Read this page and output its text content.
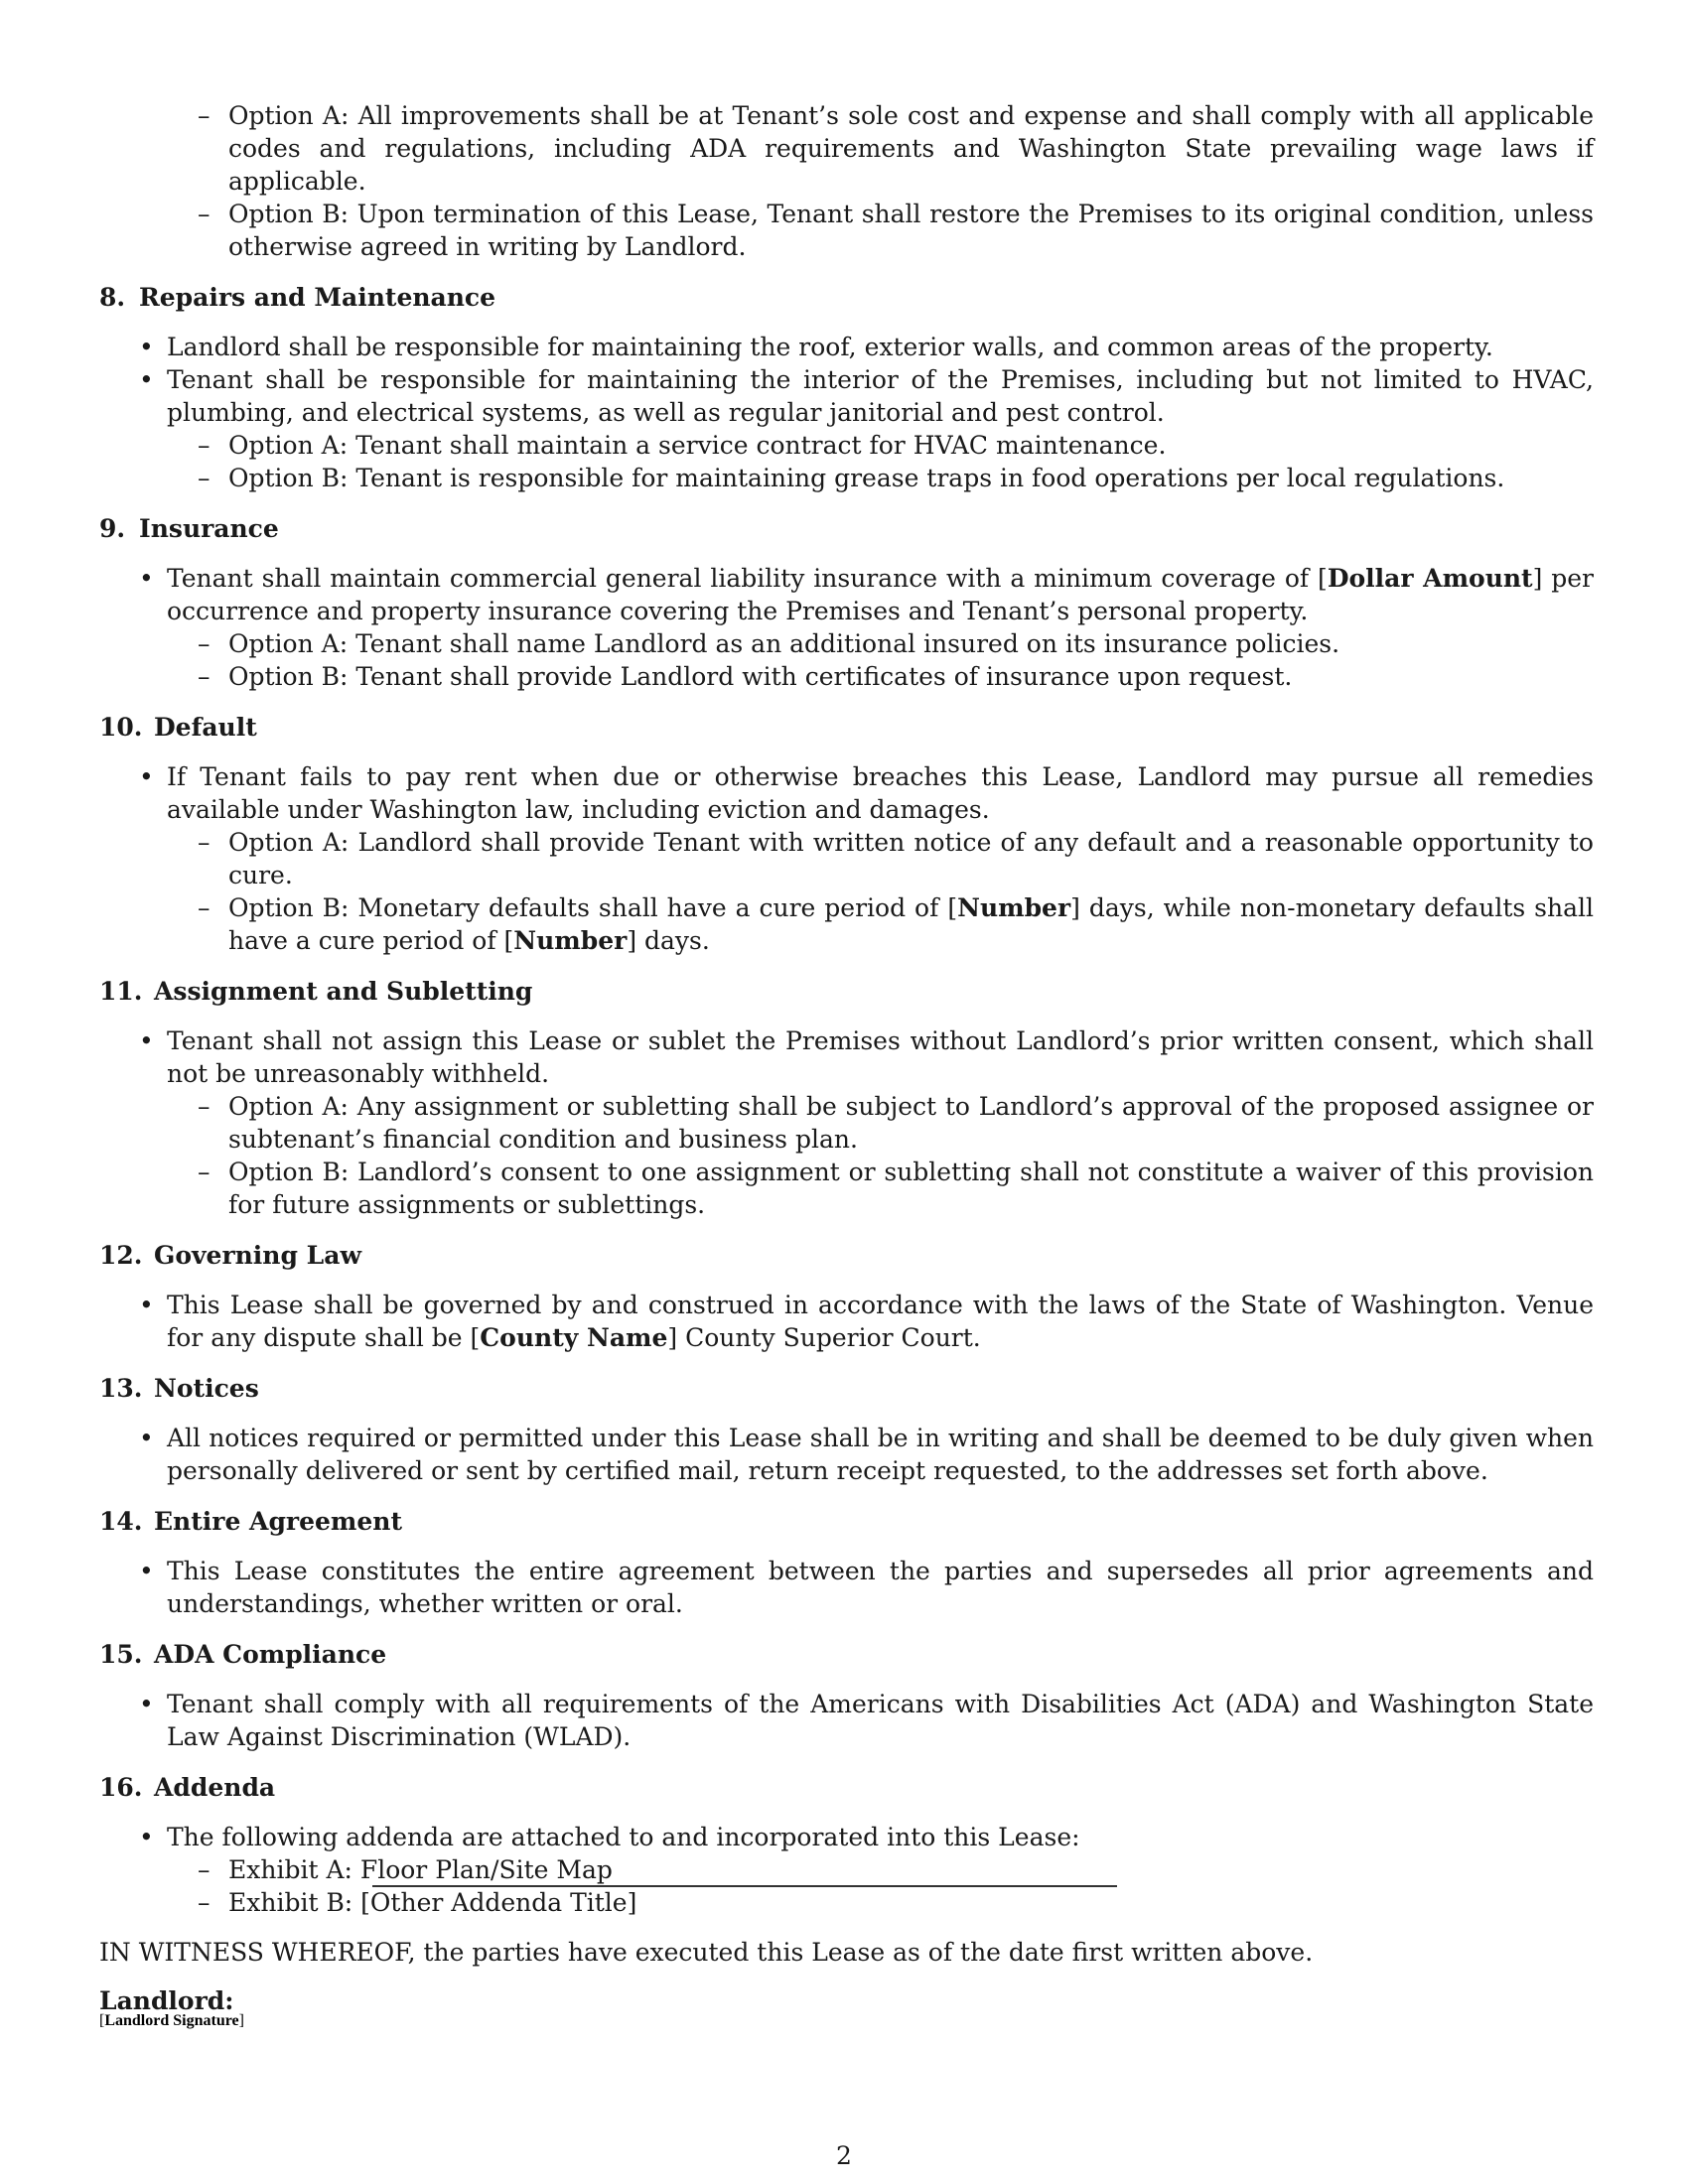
– Option A: All improvements shall be at Tenant’s sole cost and expense and shall comply with all applicable codes and regulations, including ADA requirements and Washington State prevailing wage laws if applicable.
– Option B: Upon termination of this Lease, Tenant shall restore the Premises to its original condition, unless otherwise agreed in writing by Landlord.
8. Repairs and Maintenance
• Landlord shall be responsible for maintaining the roof, exterior walls, and common areas of the property.
• Tenant shall be responsible for maintaining the interior of the Premises, including but not limited to HVAC, plumbing, and electrical systems, as well as regular janitorial and pest control.
– Option A: Tenant shall maintain a service contract for HVAC maintenance.
– Option B: Tenant is responsible for maintaining grease traps in food operations per local regulations.
9. Insurance
• Tenant shall maintain commercial general liability insurance with a minimum coverage of [Dollar Amount] per occurrence and property insurance covering the Premises and Tenant’s personal property.
– Option A: Tenant shall name Landlord as an additional insured on its insurance policies.
– Option B: Tenant shall provide Landlord with certificates of insurance upon request.
10. Default
• If Tenant fails to pay rent when due or otherwise breaches this Lease, Landlord may pursue all remedies available under Washington law, including eviction and damages.
– Option A: Landlord shall provide Tenant with written notice of any default and a reasonable opportunity to cure.
– Option B: Monetary defaults shall have a cure period of [Number] days, while non-monetary defaults shall have a cure period of [Number] days.
11. Assignment and Subletting
• Tenant shall not assign this Lease or sublet the Premises without Landlord’s prior written consent, which shall not be unreasonably withheld.
– Option A: Any assignment or subletting shall be subject to Landlord’s approval of the proposed assignee or subtenant’s financial condition and business plan.
– Option B: Landlord’s consent to one assignment or subletting shall not constitute a waiver of this provision for future assignments or sublettings.
12. Governing Law
• This Lease shall be governed by and construed in accordance with the laws of the State of Washington. Venue for any dispute shall be [County Name] County Superior Court.
13. Notices
• All notices required or permitted under this Lease shall be in writing and shall be deemed to be duly given when personally delivered or sent by certified mail, return receipt requested, to the addresses set forth above.
14. Entire Agreement
• This Lease constitutes the entire agreement between the parties and supersedes all prior agreements and understandings, whether written or oral.
15. ADA Compliance
• Tenant shall comply with all requirements of the Americans with Disabilities Act (ADA) and Washington State Law Against Discrimination (WLAD).
16. Addenda
• The following addenda are attached to and incorporated into this Lease:
– Exhibit A: Floor Plan/Site Map
– Exhibit B: [Other Addenda Title]
IN WITNESS WHEREOF, the parties have executed this Lease as of the date first written above.
Landlord:
[Landlord Signature]
2
